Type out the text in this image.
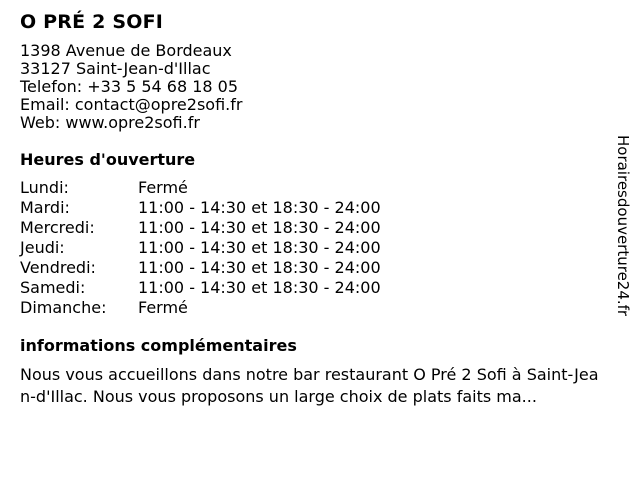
O PRÉ 2 SOFI

1398 Avenue de Bordeaux

33127 Saint-Jean-d'Illac

Telefon: +33 5 54 68 18 05

Email: contact@opre2sofi.fr

Web: www.opre2sofi.fr

Heures d'ouverture
Lundi:	Fermé
Mardi:	11:00 - 14:30 et 18:30 - 24:00
Mercredi:	11:00 - 14:30 et 18:30 - 24:00
Jeudi:	11:00 - 14:30 et 18:30 - 24:00
Vendredi:	11:00 - 14:30 et 18:30 - 24:00
Samedi:	11:00 - 14:30 et 18:30 - 24:00
Dimanche:	Fermé
informations complémentaires

Nous vous accueillons dans notre bar restaurant O Pré 2 Sofi à Saint-Jean-d'Illac. Nous vous proposons un large choix de plats faits ma...

Horairesdouverture24.fr
